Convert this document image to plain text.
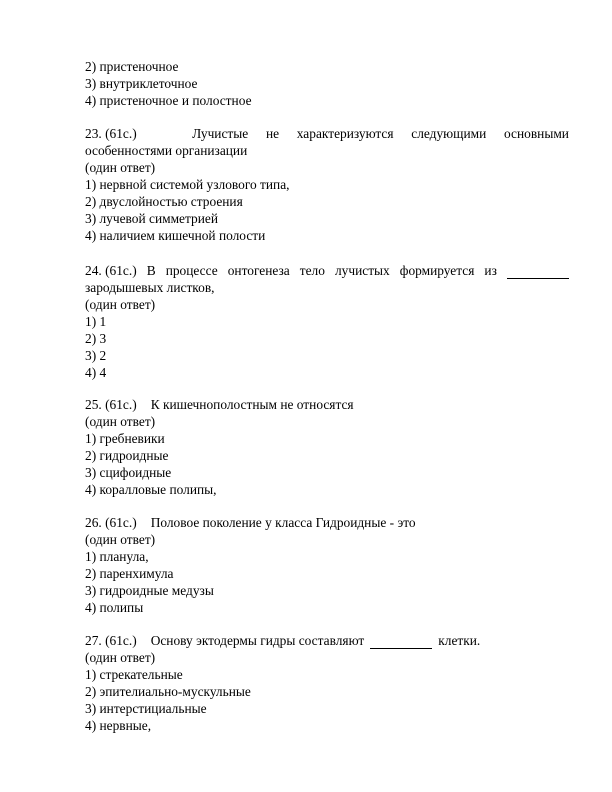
2) пристеночное
3) внутриклеточное
4) пристеночное и полостное
23. (61с.)	Лучистые не характеризуются следующими основными
особенностями организации
(один ответ)
1) нервной системой узлового типа,
2) двуслойностью строения
3) лучевой симметрией
4) наличием кишечной полости
24. (61с.) В процессе онтогенеза тело лучистых формируется из
зародышевых листков,
(один ответ)
1) 1
2) 3
3) 2
4) 4
25. (61с.) К кишечнополостным не относятся
(один ответ)
1) гребневики
2) гидроидные
3) сцифоидные
4) коралловые полипы,
26. (61с.) Половое поколение у класса Гидроидные - это
(один ответ)
1) планула,
2) паренхимула
3) гидроидные медузы
4) полипы
27. (61с.) Основу эктодермы гидры составляют	клетки.
(один ответ)
1) стрекательные
2) эпителиально-мускульные
3) интерстициальные
4) нервные,
